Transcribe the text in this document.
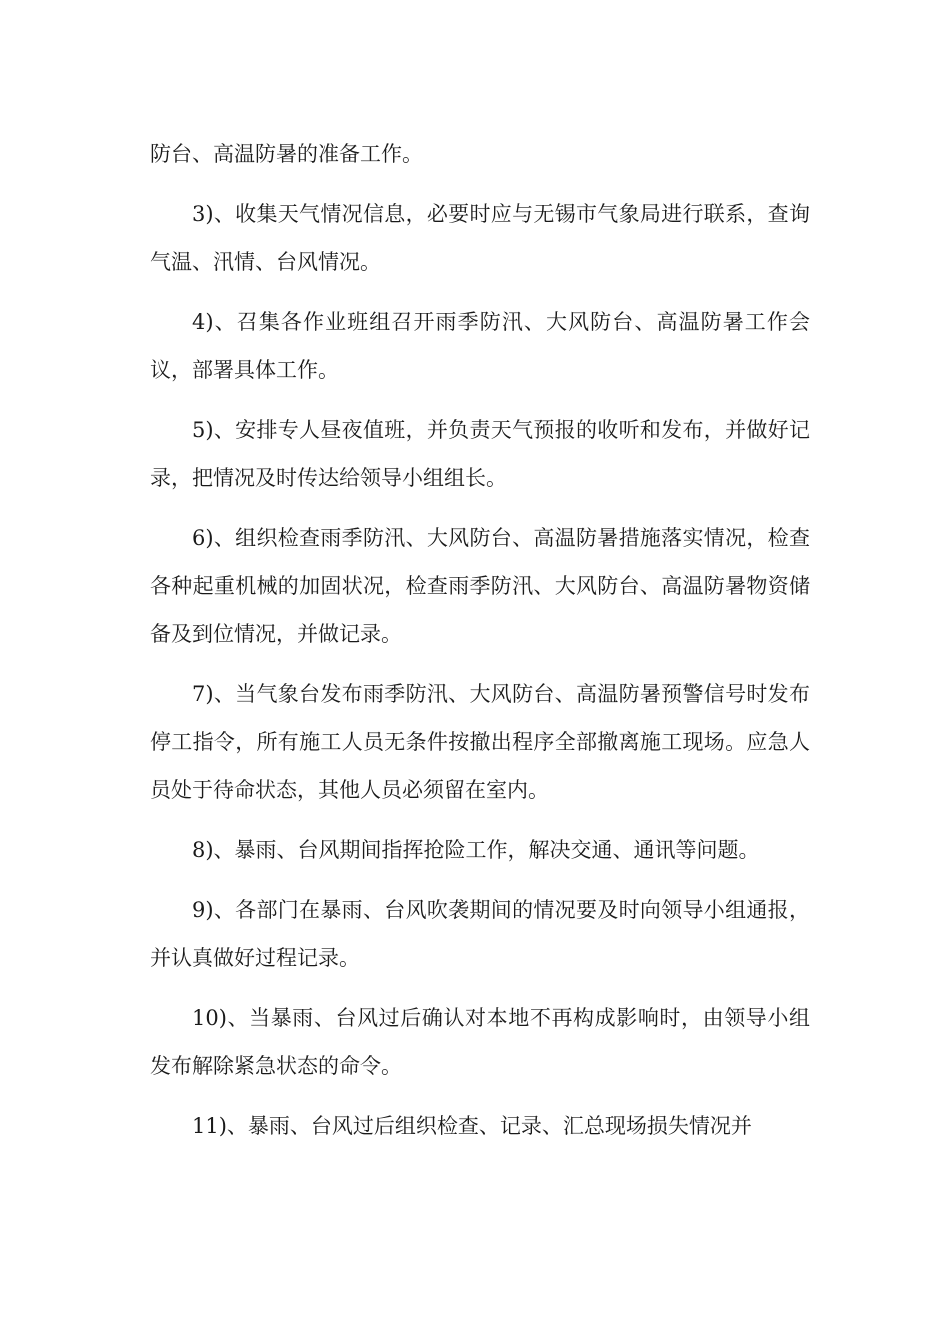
防台、高温防暑的准备工作。

3)、收集天气情况信息，必要时应与无锡市气象局进行联系，查询气温、汛情、台风情况。

4)、召集各作业班组召开雨季防汛、大风防台、高温防暑工作会议，部署具体工作。

5)、安排专人昼夜值班，并负责天气预报的收听和发布，并做好记录，把情况及时传达给领导小组组长。

6)、组织检查雨季防汛、大风防台、高温防暑措施落实情况，检查各种起重机械的加固状况，检查雨季防汛、大风防台、高温防暑物资储备及到位情况，并做记录。

7)、当气象台发布雨季防汛、大风防台、高温防暑预警信号时发布停工指令，所有施工人员无条件按撤出程序全部撤离施工现场。应急人员处于待命状态，其他人员必须留在室内。

8)、暴雨、台风期间指挥抢险工作，解决交通、通讯等问题。

9)、各部门在暴雨、台风吹袭期间的情况要及时向领导小组通报，并认真做好过程记录。

10)、当暴雨、台风过后确认对本地不再构成影响时，由领导小组发布解除紧急状态的命令。

11)、暴雨、台风过后组织检查、记录、汇总现场损失情况并
